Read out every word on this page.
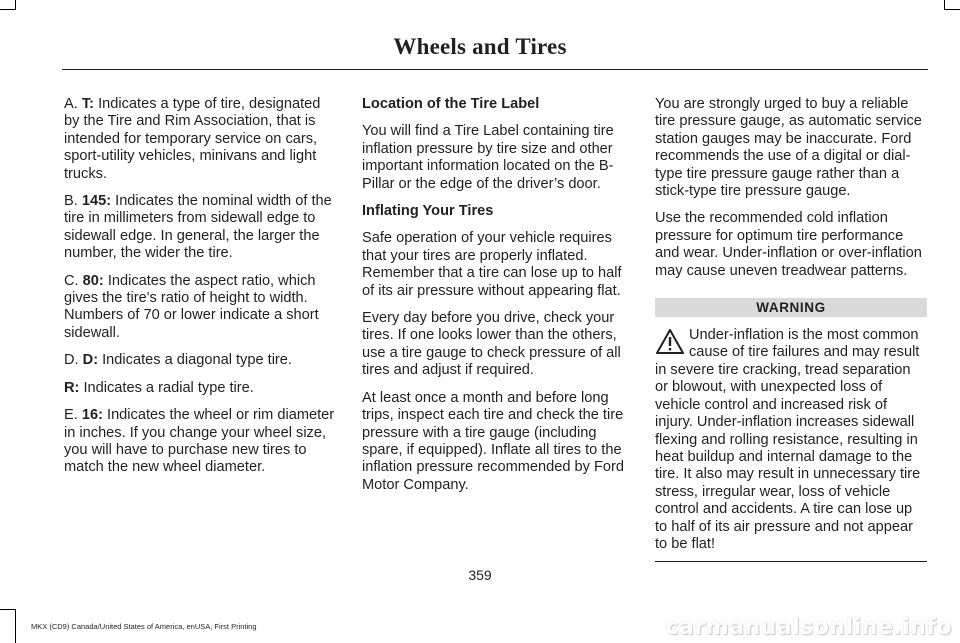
Wheels and Tires

A. T: Indicates a type of tire, designated by the Tire and Rim Association, that is intended for temporary service on cars, sport-utility vehicles, minivans and light trucks.

B. 145: Indicates the nominal width of the tire in millimeters from sidewall edge to sidewall edge. In general, the larger the number, the wider the tire.

C. 80: Indicates the aspect ratio, which gives the tire's ratio of height to width. Numbers of 70 or lower indicate a short sidewall.

D. D: Indicates a diagonal type tire.

R: Indicates a radial type tire.

E. 16: Indicates the wheel or rim diameter in inches. If you change your wheel size, you will have to purchase new tires to match the new wheel diameter.

Location of the Tire Label

You will find a Tire Label containing tire inflation pressure by tire size and other important information located on the B-Pillar or the edge of the driver’s door.

Inflating Your Tires

Safe operation of your vehicle requires that your tires are properly inflated. Remember that a tire can lose up to half of its air pressure without appearing flat.

Every day before you drive, check your tires. If one looks lower than the others, use a tire gauge to check pressure of all tires and adjust if required.

At least once a month and before long trips, inspect each tire and check the tire pressure with a tire gauge (including spare, if equipped). Inflate all tires to the inflation pressure recommended by Ford Motor Company.

You are strongly urged to buy a reliable tire pressure gauge, as automatic service station gauges may be inaccurate. Ford recommends the use of a digital or dial-type tire pressure gauge rather than a stick-type tire pressure gauge.

Use the recommended cold inflation pressure for optimum tire performance and wear. Under-inflation or over-inflation may cause uneven treadwear patterns.

WARNING
Under-inflation is the most common cause of tire failures and may result in severe tire cracking, tread separation or blowout, with unexpected loss of vehicle control and increased risk of injury. Under-inflation increases sidewall flexing and rolling resistance, resulting in heat buildup and internal damage to the tire. It also may result in unnecessary tire stress, irregular wear, loss of vehicle control and accidents. A tire can lose up to half of its air pressure and not appear to be flat!
359
MKX (CD9) Canada/United States of America, enUSA, First Printing	carmanualsonline.info
